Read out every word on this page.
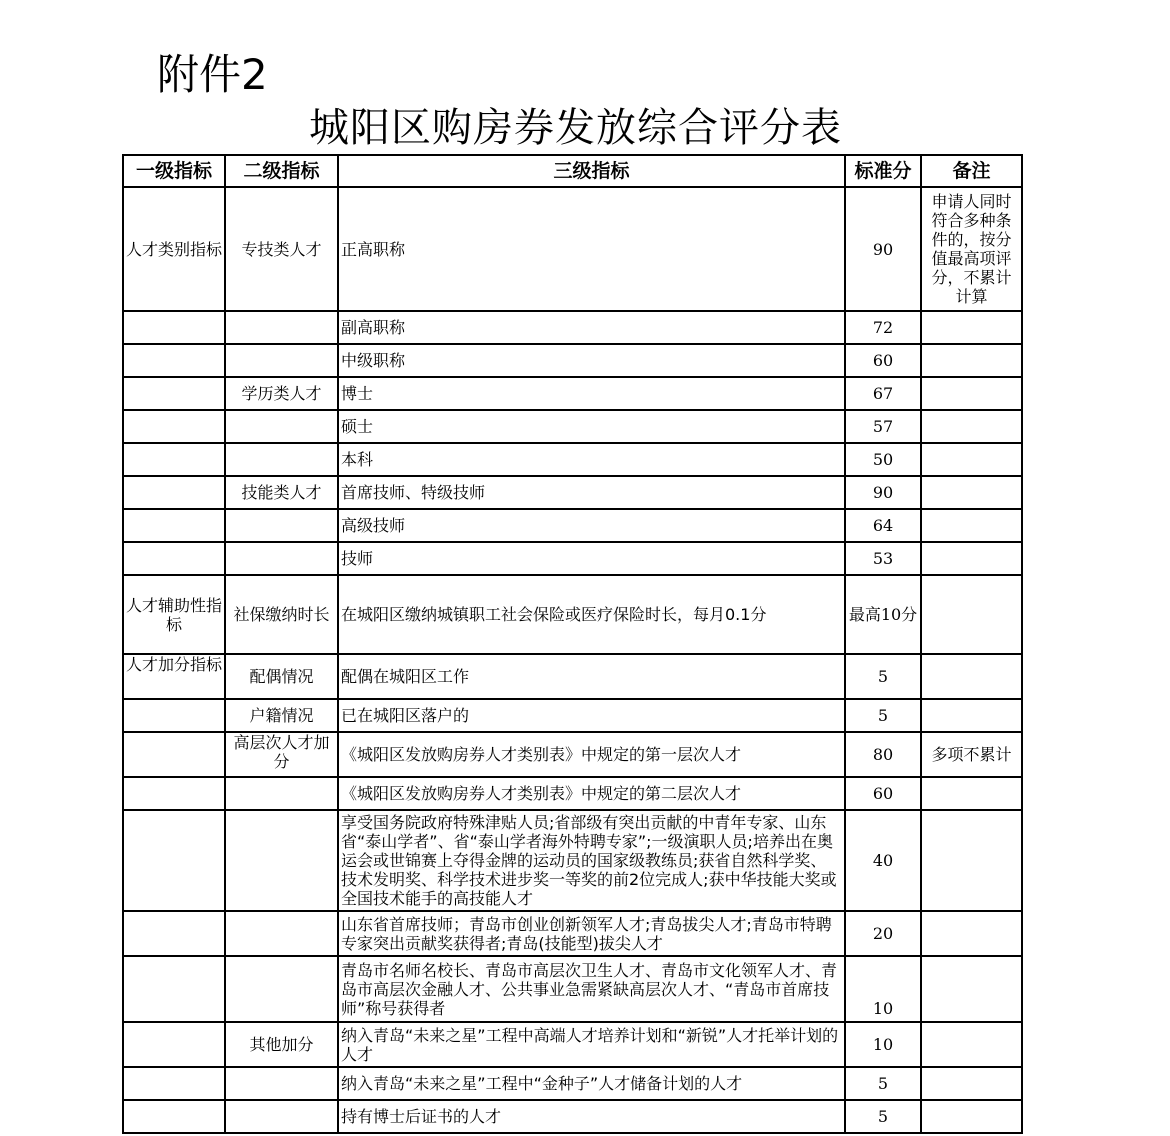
附件2
城阳区购房券发放综合评分表
一级指标	二级指标	三级指标	标准分	备注
人才类别指标	专技类人才	正高职称	90	申请人同时符合多种条件的，按分值最高项评分，不累计计算
		副高职称	72	
		中级职称	60	
	学历类人才	博士	67	
		硕士	57	
		本科	50	
	技能类人才	首席技师、特级技师	90	
		高级技师	64	
		技师	53	
人才辅助性指标	社保缴纳时长	在城阳区缴纳城镇职工社会保险或医疗保险时长，每月0.1分	最高10分	
人才加分指标	配偶情况	配偶在城阳区工作	5	
	户籍情况	已在城阳区落户的	5	
	高层次人才加分	《城阳区发放购房券人才类别表》中规定的第一层次人才	80	多项不累计
		《城阳区发放购房券人才类别表》中规定的第二层次人才	60	
		享受国务院政府特殊津贴人员;省部级有突出贡献的中青年专家、山东省“泰山学者”、省“泰山学者海外特聘专家”;一级演职人员;培养出在奥运会或世锦赛上夺得金牌的运动员的国家级教练员;获省自然科学奖、技术发明奖、科学技术进步奖一等奖的前2位完成人;获中华技能大奖或全国技术能手的高技能人才	40	
		山东省首席技师；青岛市创业创新领军人才;青岛拔尖人才;青岛市特聘专家突出贡献奖获得者;青岛(技能型)拔尖人才	20	
		青岛市名师名校长、青岛市高层次卫生人才、青岛市文化领军人才、青岛市高层次金融人才、公共事业急需紧缺高层次人才、“青岛市首席技师”称号获得者	10	
	其他加分	纳入青岛“未来之星”工程中高端人才培养计划和“新锐”人才托举计划的人才	10	
		纳入青岛“未来之星”工程中“金种子”人才储备计划的人才	5	
		持有博士后证书的人才	5	
